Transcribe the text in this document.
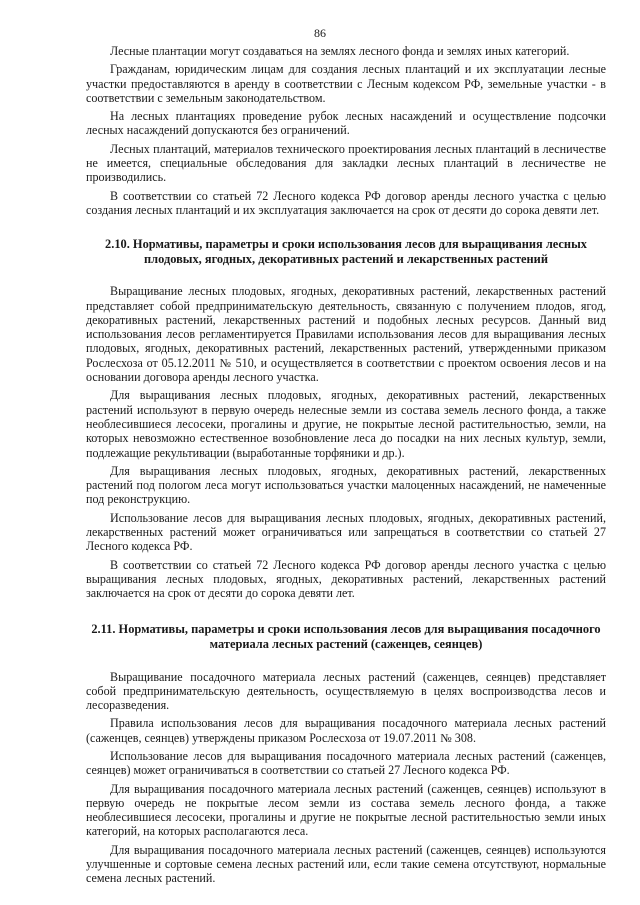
86

Лесные плантации могут создаваться на землях лесного фонда и землях иных категорий.

Гражданам, юридическим лицам для создания лесных плантаций и их эксплуатации лесные участки предоставляются в аренду в соответствии с Лесным кодексом РФ, земельные участки - в соответствии с земельным законодательством.

На лесных плантациях проведение рубок лесных насаждений и осуществление подсочки лесных насаждений допускаются без ограничений.

Лесных плантаций, материалов технического проектирования лесных плантаций в лесничестве не имеется, специальные обследования для закладки лесных плантаций в лесничестве не производились.

В соответствии со статьей 72 Лесного кодекса РФ договор аренды лесного участка с целью создания лесных плантаций и их эксплуатация заключается на срок от десяти до сорока девяти лет.

2.10. Нормативы, параметры и сроки использования лесов для выращивания лесных плодовых, ягодных, декоративных растений и лекарственных растений

Выращивание лесных плодовых, ягодных, декоративных растений, лекарственных растений представляет собой предпринимательскую деятельность, связанную с получением плодов, ягод, декоративных растений, лекарственных растений и подобных лесных ресурсов. Данный вид использования лесов регламентируется Правилами использования лесов для выращивания лесных плодовых, ягодных, декоративных растений, лекарственных растений, утвержденными приказом Рослесхоза от 05.12.2011 № 510, и осуществляется в соответствии с проектом освоения лесов и на основании договора аренды лесного участка.

Для выращивания лесных плодовых, ягодных, декоративных растений, лекарственных растений используют в первую очередь нелесные земли из состава земель лесного фонда, а также необлесившиеся лесосеки, прогалины и другие, не покрытые лесной растительностью, земли, на которых невозможно естественное возобновление леса до посадки на них лесных культур, земли, подлежащие рекультивации (выработанные торфяники и др.).

Для выращивания лесных плодовых, ягодных, декоративных растений, лекарственных растений под пологом леса могут использоваться участки малоценных насаждений, не намеченные под реконструкцию.

Использование лесов для выращивания лесных плодовых, ягодных, декоративных растений, лекарственных растений может ограничиваться или запрещаться в соответствии со статьей 27 Лесного кодекса РФ.

В соответствии со статьей 72 Лесного кодекса РФ договор аренды лесного участка с целью выращивания лесных плодовых, ягодных, декоративных растений, лекарственных растений заключается на срок от десяти до сорока девяти лет.

2.11. Нормативы, параметры и сроки использования лесов для выращивания посадочного материала лесных растений (саженцев, сеянцев)

Выращивание посадочного материала лесных растений (саженцев, сеянцев) представляет собой предпринимательскую деятельность, осуществляемую в целях воспроизводства лесов и лесоразведения.

Правила использования лесов для выращивания посадочного материала лесных растений (саженцев, сеянцев) утверждены приказом Рослесхоза от 19.07.2011 № 308.

Использование лесов для выращивания посадочного материала лесных растений (саженцев, сеянцев) может ограничиваться в соответствии со статьей 27 Лесного кодекса РФ.

Для выращивания посадочного материала лесных растений (саженцев, сеянцев) используют в первую очередь не покрытые лесом земли из состава земель лесного фонда, а также необлесившиеся лесосеки, прогалины и другие не покрытые лесной растительностью земли иных категорий, на которых располагаются леса.

Для выращивания посадочного материала лесных растений (саженцев, сеянцев) используются улучшенные и сортовые семена лесных растений или, если такие семена отсутствуют, нормальные семена лесных растений.
